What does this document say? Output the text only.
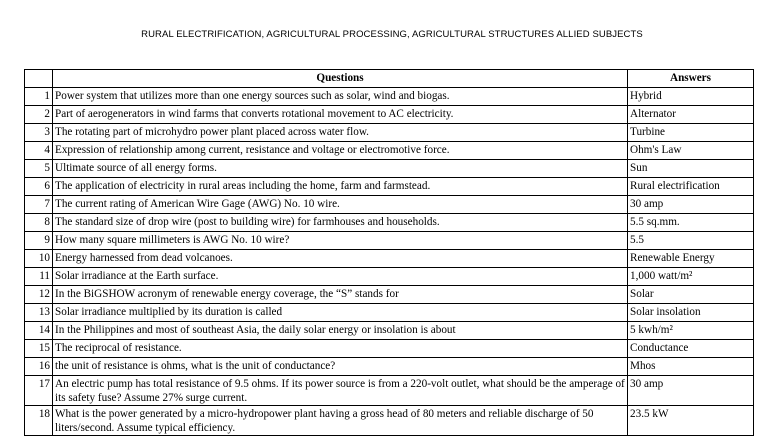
RURAL ELECTRIFICATION, AGRICULTURAL PROCESSING, AGRICULTURAL STRUCTURES ALLIED SUBJECTS
	Questions	Answers
1	Power system that utilizes more than one energy sources such as solar, wind and biogas.	Hybrid
2	Part of aerogenerators in wind farms that converts rotational movement to AC electricity.	Alternator
3	The rotating part of microhydro power plant placed across water flow.	Turbine
4	Expression of relationship among current, resistance and voltage or electromotive force.	Ohm's Law
5	Ultimate source of all energy forms.	Sun
6	The application of electricity in rural areas including the home, farm and farmstead.	Rural electrification
7	The current rating of American Wire Gage (AWG) No. 10 wire.	30 amp
8	The standard size of drop wire (post to building wire) for farmhouses and households.	5.5 sq.mm.
9	How many square millimeters is AWG No. 10 wire?	5.5
10	Energy harnessed from dead volcanoes.	Renewable Energy
11	Solar irradiance at the Earth surface.	1,000 watt/m²
12	In the BiGSHOW acronym of renewable energy coverage, the “S” stands for	Solar
13	Solar irradiance multiplied by its duration is called	Solar insolation
14	In the Philippines and most of southeast Asia, the daily solar energy or insolation is about	5 kwh/m²
15	The reciprocal of resistance.	Conductance
16	the unit of resistance is ohms, what is the unit of conductance?	Mhos
17	An electric pump has total resistance of 9.5 ohms. If its power source is from a 220-volt outlet, what should be the amperage of its safety fuse? Assume 27% surge current.	30 amp
18	What is the power generated by a micro-hydropower plant having a gross head of 80 meters and reliable discharge of 50 liters/second. Assume typical efficiency.	23.5 kW
